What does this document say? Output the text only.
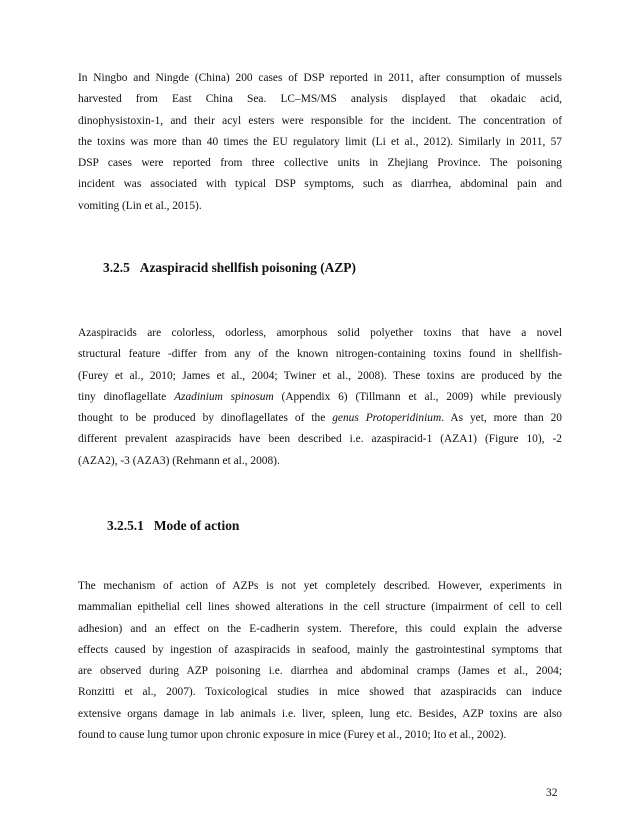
In Ningbo and Ningde (China) 200 cases of DSP reported in 2011, after consumption of mussels
harvested from East China Sea. LC–MS/MS analysis displayed that okadaic acid,
dinophysistoxin-1, and their acyl esters were responsible for the incident. The concentration of
the toxins was more than 40 times the EU regulatory limit (Li et al., 2012). Similarly in 2011, 57
DSP cases were reported from three collective units in Zhejiang Province. The poisoning
incident was associated with typical DSP symptoms, such as diarrhea, abdominal pain and
vomiting (Lin et al., 2015).
3.2.5 Azaspiracid shellfish poisoning (AZP)
Azaspiracids are colorless, odorless, amorphous solid polyether toxins that have a novel
structural feature -differ from any of the known nitrogen-containing toxins found in shellfish-
(Furey et al., 2010; James et al., 2004; Twiner et al., 2008). These toxins are produced by the
tiny dinoflagellate Azadinium spinosum (Appendix 6) (Tillmann et al., 2009) while previously
thought to be produced by dinoflagellates of the genus Protoperidinium. As yet, more than 20
different prevalent azaspiracids have been described i.e. azaspiracid-1 (AZA1) (Figure 10), -2
(AZA2), -3 (AZA3) (Rehmann et al., 2008).
3.2.5.1 Mode of action
The mechanism of action of AZPs is not yet completely described. However, experiments in
mammalian epithelial cell lines showed alterations in the cell structure (impairment of cell to cell
adhesion) and an effect on the E-cadherin system. Therefore, this could explain the adverse
effects caused by ingestion of azaspiracids in seafood, mainly the gastrointestinal symptoms that
are observed during AZP poisoning i.e. diarrhea and abdominal cramps (James et al., 2004;
Ronzitti et al., 2007). Toxicological studies in mice showed that azaspiracids can induce
extensive organs damage in lab animals i.e. liver, spleen, lung etc. Besides, AZP toxins are also
found to cause lung tumor upon chronic exposure in mice (Furey et al., 2010; Ito et al., 2002).
32
